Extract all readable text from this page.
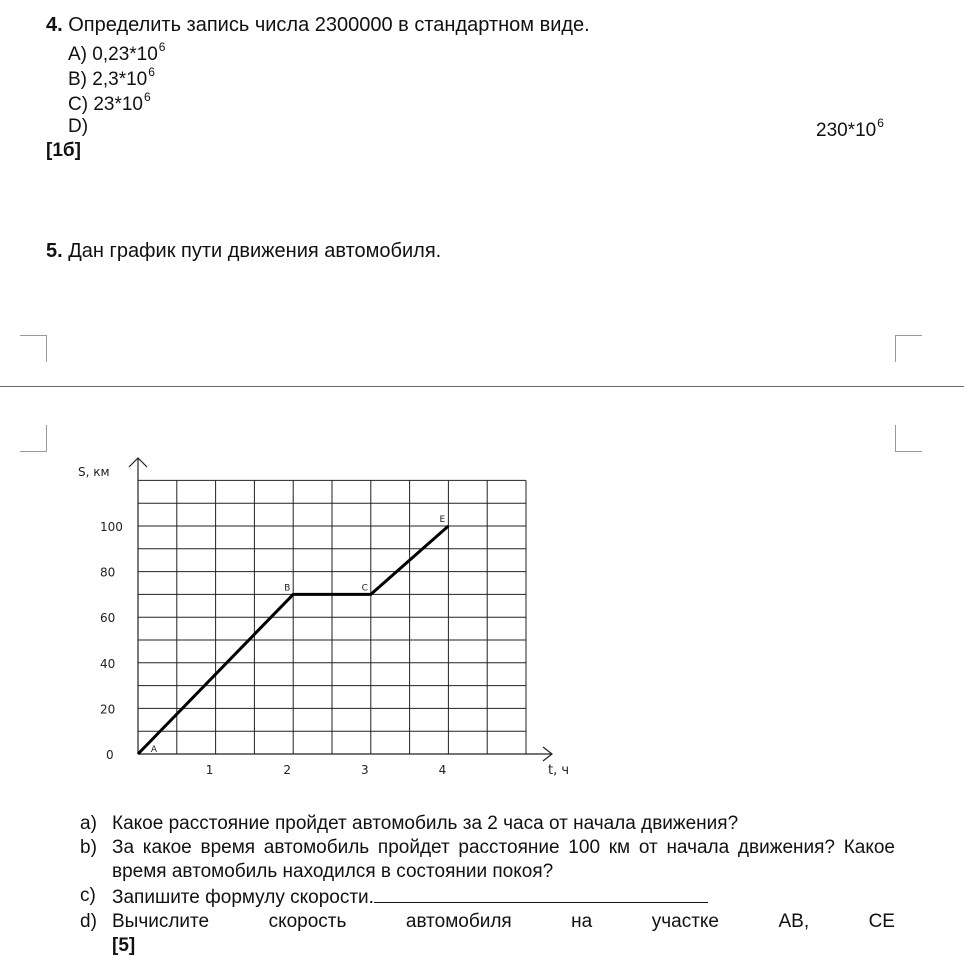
4. Определить запись числа 2300000 в стандартном виде.
A) $0,23*10^6$
B) $2,3*10^6$
C) $23*10^6$
D)	$230*10^6$
[1б]
5. Дан график пути движения автомобиля.
S, км
t, ч
0
20
40
60
80
100
1	2	3	4
A
B	C
E
a) Какое расстояние пройдет автомобиль за 2 часа от начала движения?
b) За какое время автомобиль пройдет расстояние 100 км от начала движения? Какое время автомобиль находился в состоянии покоя?
c) Запишите формулу скорости.
d) Вычислите скорость автомобиля на участке АВ, СЕ
[5]
